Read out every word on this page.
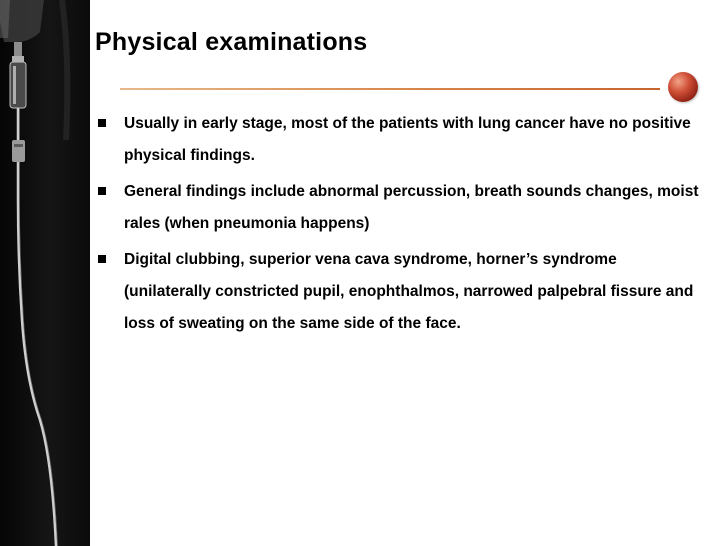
Physical examinations
Usually in early stage, most of the patients with lung cancer have no positive physical findings.
General findings include abnormal percussion, breath sounds changes, moist rales (when pneumonia happens)
Digital clubbing, superior vena cava syndrome, horner’s syndrome (unilaterally constricted pupil, enophthalmos, narrowed palpebral fissure and loss of sweating on the same side of the face.
